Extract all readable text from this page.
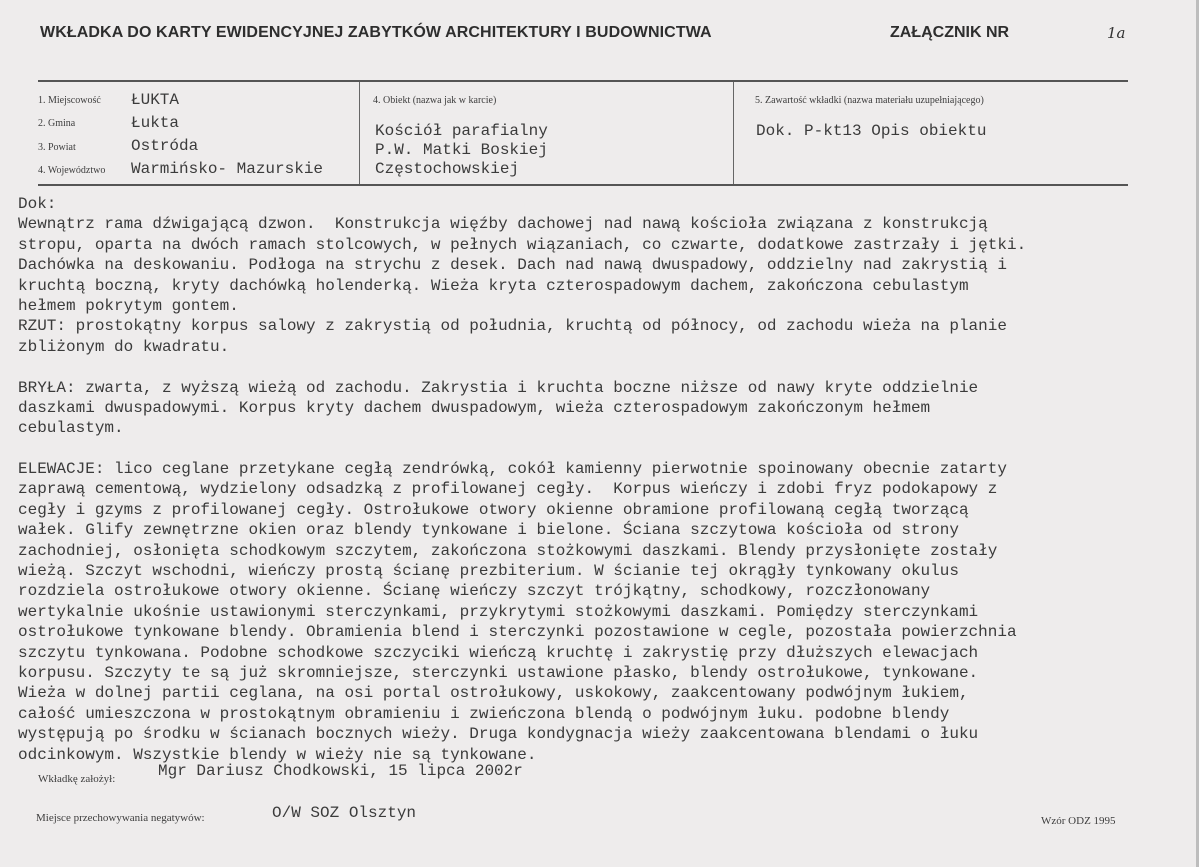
WKŁADKA DO KARTY EWIDENCYJNEJ ZABYTKÓW ARCHITEKTURY I BUDOWNICTWA	ZAŁĄCZNIK NR	1a
1. Miejscowość ŁUKTA
2. Gmina	Łukta
3. Powiat	Ostróda
4. Województwo Warmińsko- Mazurskie
4. Obiekt (nazwa jak w karcie)
Kościół parafialny
P.W. Matki Boskiej
Częstochowskiej
5. Zawartość wkładki (nazwa materiału uzupełniającego)
Dok. P-kt13 Opis obiektu
Dok:
Wewnątrz rama dźwigającą dzwon.  Konstrukcja więźby dachowej nad nawą kościoła związana z konstrukcją
stropu, oparta na dwóch ramach stolcowych, w pełnych wiązaniach, co czwarte, dodatkowe zastrzały i jętki.
Dachówka na deskowaniu. Podłoga na strychu z desek. Dach nad nawą dwuspadowy, oddzielny nad zakrystią i
kruchtą boczną, kryty dachówką holenderką. Wieża kryta czterospadowym dachem, zakończona cebulastym
hełmem pokrytym gontem.
RZUT: prostokątny korpus salowy z zakrystią od południa, kruchtą od północy, od zachodu wieża na planie
zbliżonym do kwadratu.
BRYŁA: zwarta, z wyższą wieżą od zachodu. Zakrystia i kruchta boczne niższe od nawy kryte oddzielnie
daszkami dwuspadowymi. Korpus kryty dachem dwuspadowym, wieża czterospadowym zakończonym hełmem
cebulastym.
ELEWACJE: lico ceglane przetykane cegłą zendrówką, cokół kamienny pierwotnie spoinowany obecnie zatarty
zaprawą cementową, wydzielony odsadzką z profilowanej cegły.  Korpus wieńczy i zdobi fryz podokapowy z
cegły i gzyms z profilowanej cegły. Ostrołukowe otwory okienne obramione profilowaną cegłą tworzącą
wałek. Glify zewnętrzne okien oraz blendy tynkowane i bielone. Ściana szczytowa kościoła od strony
zachodniej, osłonięta schodkowym szczytem, zakończona stożkowymi daszkami. Blendy przysłonięte zostały
wieżą. Szczyt wschodni, wieńczy prostą ścianę prezbiterium. W ścianie tej okrągły tynkowany okulus
rozdziela ostrołukowe otwory okienne. Ścianę wieńczy szczyt trójkątny, schodkowy, rozczłonowany
wertykalnie ukośnie ustawionymi sterczynkami, przykrytymi stożkowymi daszkami. Pomiędzy sterczynkami
ostrołukowe tynkowane blendy. Obramienia blend i sterczynki pozostawione w cegle, pozostała powierzchnia
szczytu tynkowana. Podobne schodkowe szczyciki wieńczą kruchtę i zakrystię przy dłuższych elewacjach
korpusu. Szczyty te są już skromniejsze, sterczynki ustawione płasko, blendy ostrołukowe, tynkowane.
Wieża w dolnej partii ceglana, na osi portal ostrołukowy, uskokowy, zaakcentowany podwójnym łukiem,
całość umieszczona w prostokątnym obramieniu i zwieńczona blendą o podwójnym łuku. podobne blendy
występują po środku w ścianach bocznych wieży. Druga kondygnacja wieży zaakcentowana blendami o łuku
odcinkowym. Wszystkie blendy w wieży nie są tynkowane.
Wkładkę założył:	Mgr Dariusz Chodkowski, 15 lipca 2002r
Miejsce przechowywania negatywów:	O/W SOZ Olsztyn	Wzór ODZ 1995
